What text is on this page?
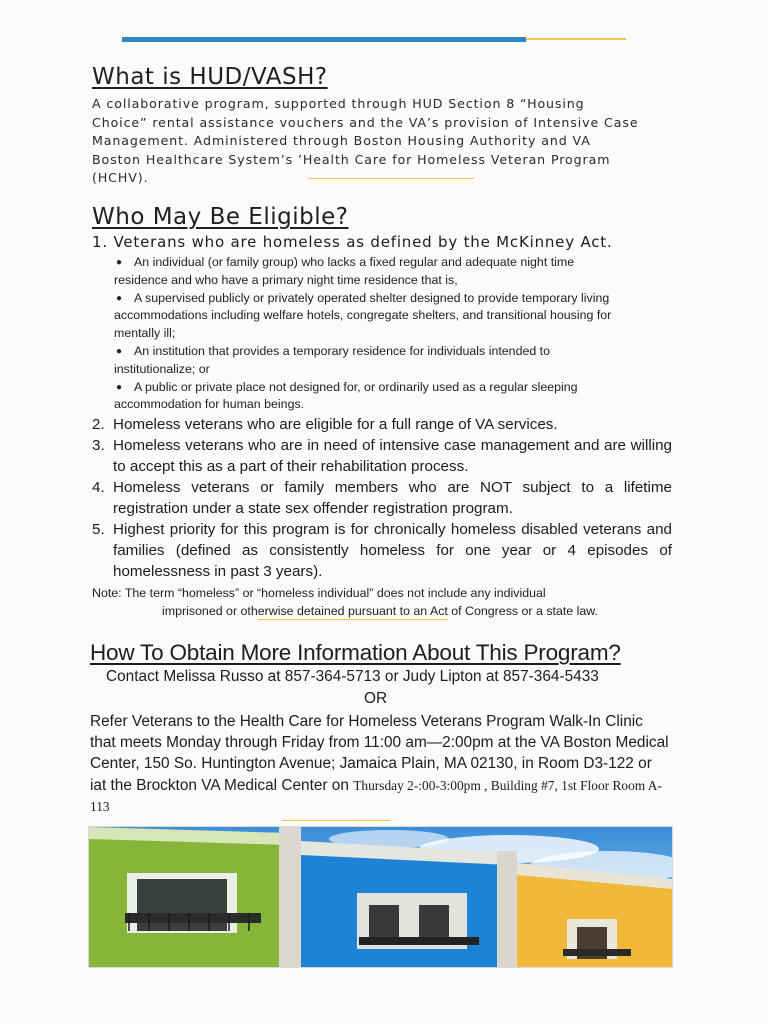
What is HUD/VASH?
A collaborative program, supported through HUD Section 8 “Housing
Choice” rental assistance vouchers and the VA’s provision of Intensive Case
Management. Administered through Boston Housing Authority and VA
Boston Healthcare System’s ’Health Care for Homeless Veteran Program
(HCHV).
Who May Be Eligible?
1. Veterans who are homeless as defined by the McKinney Act.
● An individual (or family group) who lacks a fixed regular and adequate night time
residence and who have a primary night time residence that is,
● A supervised publicly or privately operated shelter designed to provide temporary living
accommodations including welfare hotels, congregate shelters, and transitional housing for
mentally ill;
● An institution that provides a temporary residence for individuals intended to
institutionalize; or
● A public or private place not designed for, or ordinarily used as a regular sleeping
accommodation for human beings.
2. Homeless veterans who are eligible for a full range of VA services.
3. Homeless veterans who are in need of intensive case management and are willing to accept this as a part of their rehabilitation process.
4. Homeless veterans or family members who are NOT subject to a lifetime registration under a state sex offender registration program.
5. Highest priority for this program is for chronically homeless disabled veterans and families (defined as consistently homeless for one year or 4 episodes of homelessness in past 3 years).
Note: The term “homeless” or “homeless individual” does not include any individual
imprisoned or otherwise detained pursuant to an Act of Congress or a state law.
How To Obtain More Information About This Program?
Contact Melissa Russo at 857-364-5713 or Judy Lipton at 857-364-5433
OR
Refer Veterans to the Health Care for Homeless Veterans Program Walk-In Clinic that meets Monday through Friday from 11:00 am—2:00pm at the VA Boston Medical Center, 150 So. Huntington Avenue; Jamaica Plain, MA 02130, in Room D3-122 or iat the Brockton VA Medical Center on Thursday 2-:00-3:00pm , Building #7, 1st Floor Room A-113
